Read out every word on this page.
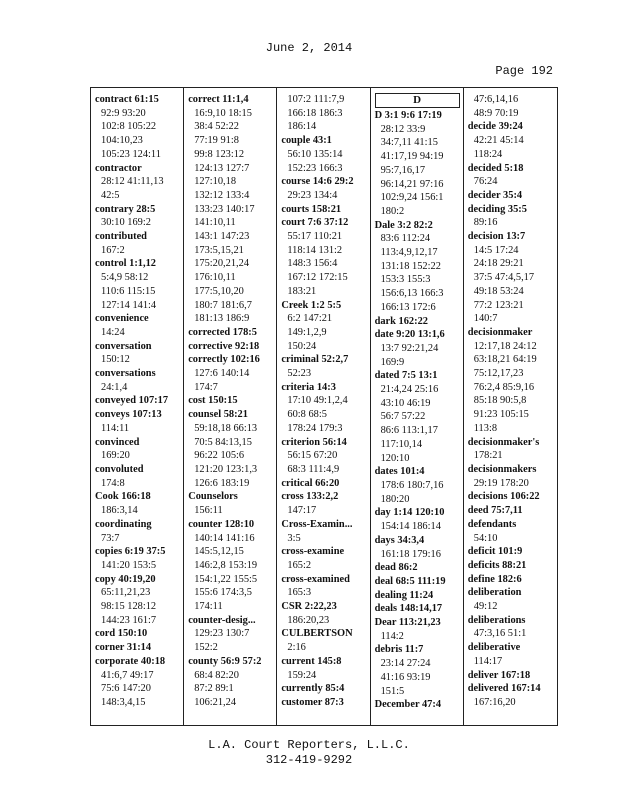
June 2, 2014
Page 192
contract 61:15
92:9 93:20
102:8 105:22
104:10,23
105:23 124:11
contractor
28:12 41:11,13
42:5
contrary 28:5
30:10 169:2
contributed
167:2
control 1:1,12
5:4,9 58:12
110:6 115:15
127:14 141:4
convenience
14:24
conversation
150:12
conversations
24:1,4
conveyed 107:17
conveys 107:13
114:11
convinced
169:20
convoluted
174:8
Cook 166:18
186:3,14
coordinating
73:7
copies 6:19 37:5
141:20 153:5
copy 40:19,20
65:11,21,23
98:15 128:12
144:23 161:7
cord 150:10
corner 31:14
corporate 40:18
41:6,7 49:17
75:6 147:20
148:3,4,15
correct 11:1,4
16:9,10 18:15
38:4 52:22
77:19 91:8
99:8 123:12
124:13 127:7
127:10,18
132:12 133:4
133:23 140:17
141:10,11
143:1 147:23
173:5,15,21
175:20,21,24
176:10,11
177:5,10,20
180:7 181:6,7
181:13 186:9
corrected 178:5
corrective 92:18
correctly 102:16
127:6 140:14
174:7
cost 150:15
counsel 58:21
59:18,18 66:13
70:5 84:13,15
96:22 105:6
121:20 123:1,3
126:6 183:19
Counselors
156:11
counter 128:10
140:14 141:16
145:5,12,15
146:2,8 153:19
154:1,22 155:5
155:6 174:3,5
174:11
counter-desig...
129:23 130:7
152:2
county 56:9 57:2
68:4 82:20
87:2 89:1
106:21,24
107:2 111:7,9
166:18 186:3
186:14
couple 43:1
56:10 135:14
152:23 166:3
course 14:6 29:2
29:23 134:4
courts 158:21
court 7:6 37:12
55:17 110:21
118:14 131:2
148:3 156:4
167:12 172:15
183:21
Creek 1:2 5:5
6:2 147:21
149:1,2,9
150:24
criminal 52:2,7
52:23
criteria 14:3
17:10 49:1,2,4
60:8 68:5
178:24 179:3
criterion 56:14
56:15 67:20
68:3 111:4,9
critical 66:20
cross 133:2,2
147:17
Cross-Examin...
3:5
cross-examine
165:2
cross-examined
165:3
CSR 2:22,23
186:20,23
CULBERTSON
2:16
current 145:8
159:24
currently 85:4
customer 87:3
D
D 3:1 9:6 17:19
28:12 33:9
34:7,11 41:15
41:17,19 94:19
95:7,16,17
96:14,21 97:16
102:9,24 156:1
180:2
Dale 3:2 82:2
83:6 112:24
113:4,9,12,17
131:18 152:22
153:3 155:3
156:6,13 166:3
166:13 172:6
dark 162:22
date 9:20 13:1,6
13:7 92:21,24
169:9
dated 7:5 13:1
21:4,24 25:16
43:10 46:19
56:7 57:22
86:6 113:1,17
117:10,14
120:10
dates 101:4
178:6 180:7,16
180:20
day 1:14 120:10
154:14 186:14
days 34:3,4
161:18 179:16
dead 86:2
deal 68:5 111:19
dealing 11:24
deals 148:14,17
Dear 113:21,23
114:2
debris 11:7
23:14 27:24
41:16 93:19
151:5
December 47:4
47:6,14,16
48:9 70:19
decide 39:24
42:21 45:14
118:24
decided 5:18
76:24
decider 35:4
deciding 35:5
89:16
decision 13:7
14:5 17:24
24:18 29:21
37:5 47:4,5,17
49:18 53:24
77:2 123:21
140:7
decisionmaker
12:17,18 24:12
63:18,21 64:19
75:12,17,23
76:2,4 85:9,16
85:18 90:5,8
91:23 105:15
113:8
decisionmaker's
178:21
decisionmakers
29:19 178:20
decisions 106:22
deed 75:7,11
defendants
54:10
deficit 101:9
deficits 88:21
define 182:6
deliberation
49:12
deliberations
47:3,16 51:1
deliberative
114:17
deliver 167:18
delivered 167:14
167:16,20
L.A. Court Reporters, L.L.C.
312-419-9292
